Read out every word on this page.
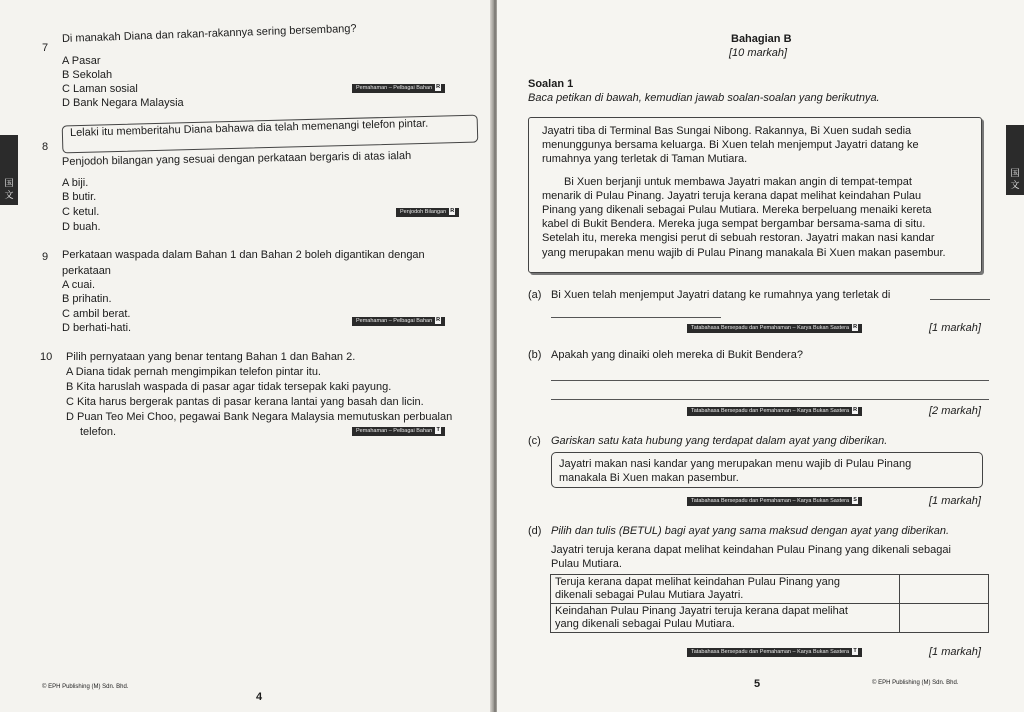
国 文
7
Di manakah Diana dan rakan-rakannya sering bersembang?
A Pasar
B Sekolah
C Laman sosial
D Bank Negara Malaysia
Pemahaman – Pelbagai Bahan R
8
Lelaki itu memberitahu Diana bahawa dia telah memenangi telefon pintar.
Penjodoh bilangan yang sesuai dengan perkataan bergaris di atas ialah
A biji.
B butir.
C ketul.
D buah.
Penjodoh Bilangan R
9 Perkataan waspada dalam Bahan 1 dan Bahan 2 boleh digantikan dengan
perkataan
A cuai.
B prihatin.
C ambil berat.
D berhati-hati.
Pemahaman – Pelbagai Bahan R
10 Pilih pernyataan yang benar tentang Bahan 1 dan Bahan 2.
A Diana tidak pernah mengimpikan telefon pintar itu.
B Kita haruslah waspada di pasar agar tidak tersepak kaki payung.
C Kita harus bergerak pantas di pasar kerana lantai yang basah dan licin.
D Puan Teo Mei Choo, pegawai Bank Negara Malaysia memutuskan perbualan
telefon.	Pemahaman – Pelbagai Bahan T
© EPH Publishing (M) Sdn. Bhd.
4
国 文
Bahagian B
[10 markah]
Soalan 1
Baca petikan di bawah, kemudian jawab soalan-soalan yang berikutnya.
Jayatri tiba di Terminal Bas Sungai Nibong. Rakannya, Bi Xuen sudah sedia
menunggunya bersama keluarga. Bi Xuen telah menjemput Jayatri datang ke
rumahnya yang terletak di Taman Mutiara.
Bi Xuen berjanji untuk membawa Jayatri makan angin di tempat-tempat
menarik di Pulau Pinang. Jayatri teruja kerana dapat melihat keindahan Pulau
Pinang yang dikenali sebagai Pulau Mutiara. Mereka berpeluang menaiki kereta
kabel di Bukit Bendera. Mereka juga sempat bergambar bersama-sama di situ.
Setelah itu, mereka mengisi perut di sebuah restoran. Jayatri makan nasi kandar
yang merupakan menu wajib di Pulau Pinang manakala Bi Xuen makan pasembur.
(a) Bi Xuen telah menjemput Jayatri datang ke rumahnya yang terletak di
Tatabahasa Bersepadu dan Pemahaman – Karya Bukan Sastera R	[1 markah]
(b) Apakah yang dinaiki oleh mereka di Bukit Bendera?
Tatabahasa Bersepadu dan Pemahaman – Karya Bukan Sastera R	[2 markah]
(c) Gariskan satu kata hubung yang terdapat dalam ayat yang diberikan.
Jayatri makan nasi kandar yang merupakan menu wajib di Pulau Pinang
manakala Bi Xuen makan pasembur.
Tatabahasa Bersepadu dan Pemahaman – Karya Bukan Sastera S	[1 markah]
(d) Pilih dan tulis (BETUL) bagi ayat yang sama maksud dengan ayat yang diberikan.
Jayatri teruja kerana dapat melihat keindahan Pulau Pinang yang dikenali sebagai
Pulau Mutiara.
Teruja kerana dapat melihat keindahan Pulau Pinang yang
dikenali sebagai Pulau Mutiara Jayatri.	

Keindahan Pulau Pinang Jayatri teruja kerana dapat melihat
yang dikenali sebagai Pulau Mutiara.	

Tatabahasa Bersepadu dan Pemahaman – Karya Bukan Sastera T	[1 markah]
5	© EPH Publishing (M) Sdn. Bhd.
